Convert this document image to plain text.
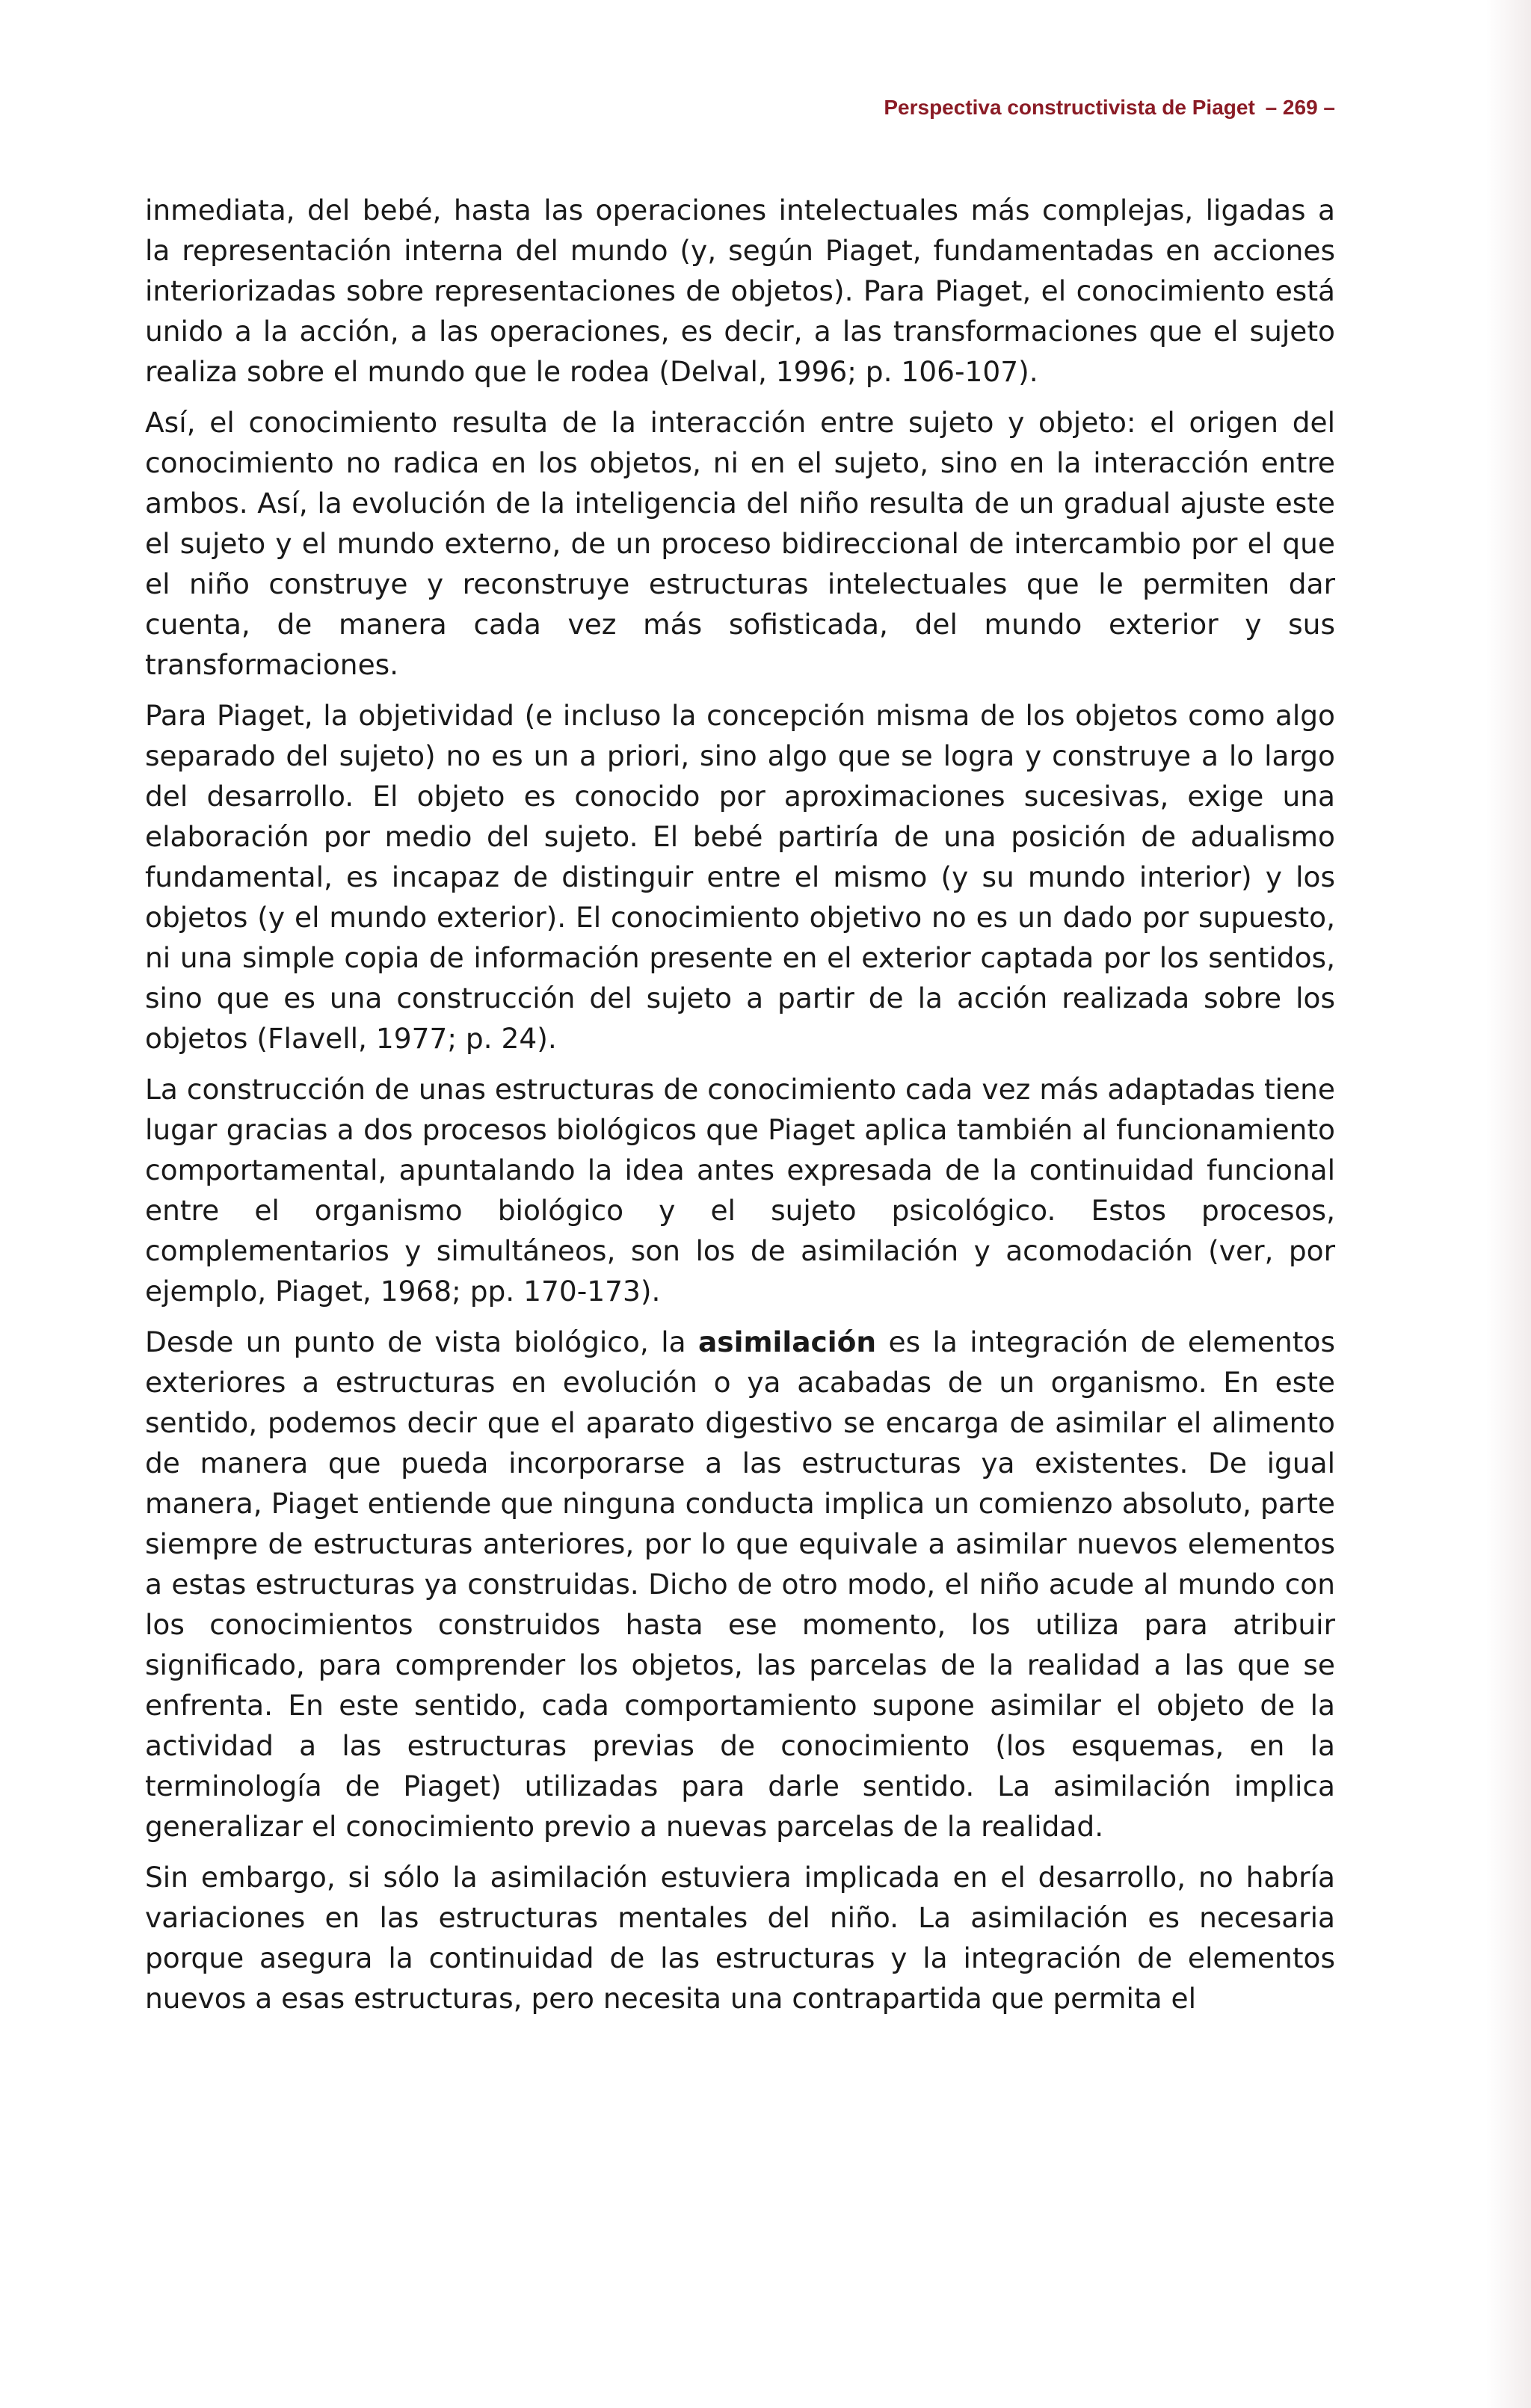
Perspectiva constructivista de Piaget – 269 –

inmediata, del bebé, hasta las operaciones intelectuales más complejas, ligadas a la representación interna del mundo (y, según Piaget, fundamentadas en acciones interiorizadas sobre representaciones de objetos). Para Piaget, el conocimiento está unido a la acción, a las operaciones, es decir, a las transformaciones que el sujeto realiza sobre el mundo que le rodea (Delval, 1996; p. 106-107).

Así, el conocimiento resulta de la interacción entre sujeto y objeto: el origen del conocimiento no radica en los objetos, ni en el sujeto, sino en la interacción entre ambos. Así, la evolución de la inteligencia del niño resulta de un gradual ajuste este el sujeto y el mundo externo, de un proceso bidireccional de intercambio por el que el niño construye y reconstruye estructuras intelectuales que le permiten dar cuenta, de manera cada vez más sofisticada, del mundo exterior y sus transformaciones.

Para Piaget, la objetividad (e incluso la concepción misma de los objetos como algo separado del sujeto) no es un a priori, sino algo que se logra y construye a lo largo del desarrollo. El objeto es conocido por aproximaciones sucesivas, exige una elaboración por medio del sujeto. El bebé partiría de una posición de adualismo fundamental, es incapaz de distinguir entre el mismo (y su mundo interior) y los objetos (y el mundo exterior). El conocimiento objetivo no es un dado por supuesto, ni una simple copia de información presente en el exterior captada por los sentidos, sino que es una construcción del sujeto a partir de la acción realizada sobre los objetos (Flavell, 1977; p. 24).

La construcción de unas estructuras de conocimiento cada vez más adaptadas tiene lugar gracias a dos procesos biológicos que Piaget aplica también al funcionamiento comportamental, apuntalando la idea antes expresada de la continuidad funcional entre el organismo biológico y el sujeto psicológico. Estos procesos, complementarios y simultáneos, son los de asimilación y acomodación (ver, por ejemplo, Piaget, 1968; pp. 170-173).

Desde un punto de vista biológico, la asimilación es la integración de elementos exteriores a estructuras en evolución o ya acabadas de un organismo. En este sentido, podemos decir que el aparato digestivo se encarga de asimilar el alimento de manera que pueda incorporarse a las estructuras ya existentes. De igual manera, Piaget entiende que ninguna conducta implica un comienzo absoluto, parte siempre de estructuras anteriores, por lo que equivale a asimilar nuevos elementos a estas estructuras ya construidas. Dicho de otro modo, el niño acude al mundo con los conocimientos construidos hasta ese momento, los utiliza para atribuir significado, para comprender los objetos, las parcelas de la realidad a las que se enfrenta. En este sentido, cada comportamiento supone asimilar el objeto de la actividad a las estructuras previas de conocimiento (los esquemas, en la terminología de Piaget) utilizadas para darle sentido. La asimilación implica generalizar el conocimiento previo a nuevas parcelas de la realidad.

Sin embargo, si sólo la asimilación estuviera implicada en el desarrollo, no habría variaciones en las estructuras mentales del niño. La asimilación es necesaria porque asegura la continuidad de las estructuras y la integración de elementos nuevos a esas estructuras, pero necesita una contrapartida que permita el
